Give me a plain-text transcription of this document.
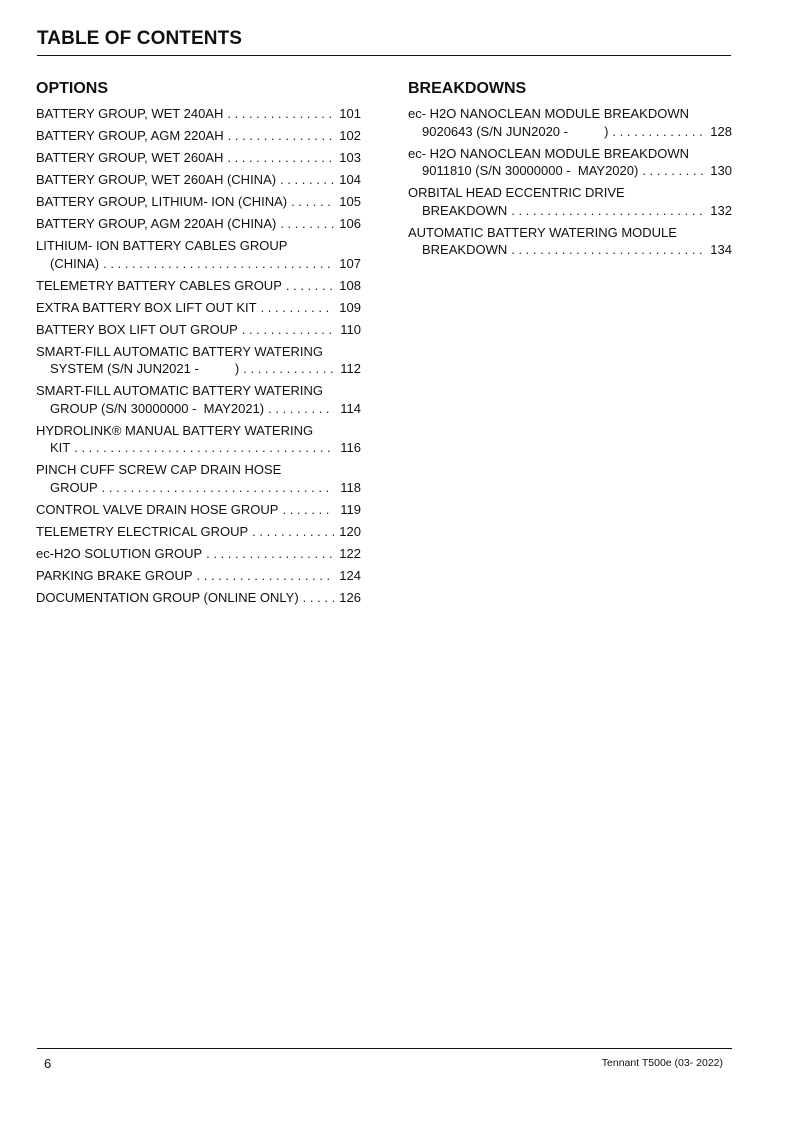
TABLE OF CONTENTS
OPTIONS
BATTERY GROUP, WET 240AH . . .	101
BATTERY GROUP, AGM 220AH . . .	102
BATTERY GROUP, WET 260AH . . .	103
BATTERY GROUP, WET 260AH (CHINA) . . .	104
BATTERY GROUP, LITHIUM- ION (CHINA) . . .	105
BATTERY GROUP, AGM 220AH (CHINA) . . .	106
LITHIUM- ION BATTERY CABLES GROUP
(CHINA) . . .	107
TELEMETRY BATTERY CABLES GROUP . . .	108
EXTRA BATTERY BOX LIFT OUT KIT . . .	109
BATTERY BOX LIFT OUT GROUP . . .	110
SMART-FILL AUTOMATIC BATTERY WATERING
SYSTEM (S/N JUN2021 -          ) . . .	112
SMART-FILL AUTOMATIC BATTERY WATERING
GROUP (S/N 30000000 -  MAY2021) . . .	114
HYDROLINK® MANUAL BATTERY WATERING
KIT . . .	116
PINCH CUFF SCREW CAP DRAIN HOSE
GROUP . . .	118
CONTROL VALVE DRAIN HOSE GROUP . . .	119
TELEMETRY ELECTRICAL GROUP . . .	120
ec-H2O SOLUTION GROUP . . .	122
PARKING BRAKE GROUP . . .	124
DOCUMENTATION GROUP (ONLINE ONLY) . . .	126
BREAKDOWNS
ec- H2O NANOCLEAN MODULE BREAKDOWN
9020643 (S/N JUN2020 -          ) . . .	128
ec- H2O NANOCLEAN MODULE BREAKDOWN
9011810 (S/N 30000000 -  MAY2020) . . .	130
ORBITAL HEAD ECCENTRIC DRIVE
BREAKDOWN . . .	132
AUTOMATIC BATTERY WATERING MODULE
BREAKDOWN . . .	134
6	Tennant T500e (03- 2022)
